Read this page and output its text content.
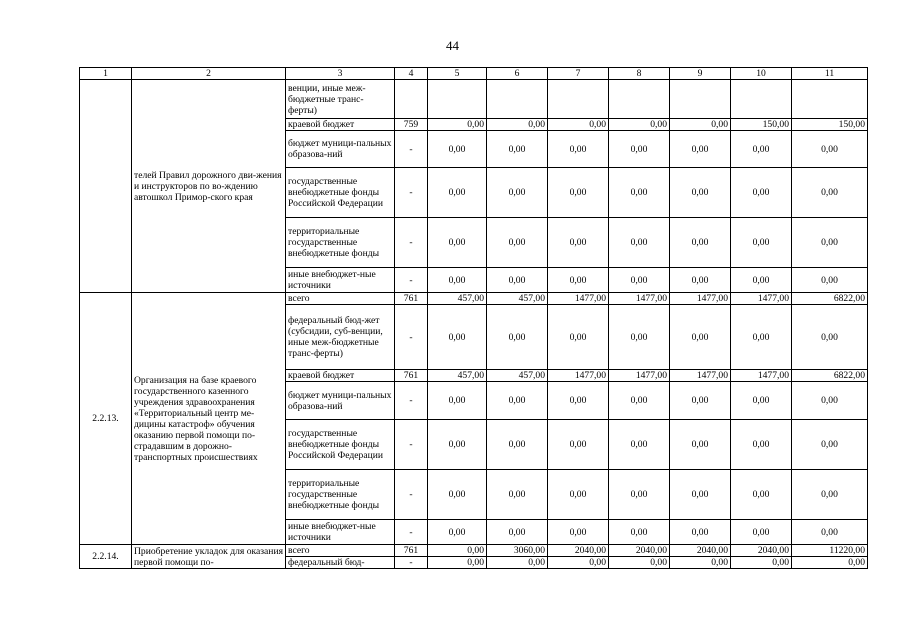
44
1	2	3	4	5	6	7	8	9	10	11
	телей Правил дорожного дви-жения и инструкторов по во-ждению автошкол Примор-ского края	венции, иные меж-бюджетные транс-ферты)								
		краевой бюджет	759	0,00	0,00	0,00	0,00	0,00	150,00	150,00
		бюджет муници-пальных образова-ний	-	0,00	0,00	0,00	0,00	0,00	0,00	0,00
		государственные внебюджетные фонды Российской Федерации	-	0,00	0,00	0,00	0,00	0,00	0,00	0,00
		территориальные государственные внебюджетные фонды	-	0,00	0,00	0,00	0,00	0,00	0,00	0,00
		иные внебюджет-ные источники	-	0,00	0,00	0,00	0,00	0,00	0,00	0,00
2.2.13.	Организация на базе краевого государственного казенного учреждения здравоохранения «Территориальный центр ме-дицины катастроф» обучения оказанию первой помощи по-страдавшим в дорожно-транспортных происшествиях	всего	761	457,00	457,00	1477,00	1477,00	1477,00	1477,00	6822,00
		федеральный бюд-жет (субсидии, суб-венции, иные меж-бюджетные транс-ферты)	-	0,00	0,00	0,00	0,00	0,00	0,00	0,00
		краевой бюджет	761	457,00	457,00	1477,00	1477,00	1477,00	1477,00	6822,00
		бюджет муници-пальных образова-ний	-	0,00	0,00	0,00	0,00	0,00	0,00	0,00
		государственные внебюджетные фонды Российской Федерации	-	0,00	0,00	0,00	0,00	0,00	0,00	0,00
		территориальные государственные внебюджетные фонды	-	0,00	0,00	0,00	0,00	0,00	0,00	0,00
		иные внебюджет-ные источники	-	0,00	0,00	0,00	0,00	0,00	0,00	0,00
2.2.14.	Приобретение укладок для оказания первой помощи по-	всего	761	0,00	3060,00	2040,00	2040,00	2040,00	2040,00	11220,00
		федеральный бюд-	-	0,00	0,00	0,00	0,00	0,00	0,00	0,00
